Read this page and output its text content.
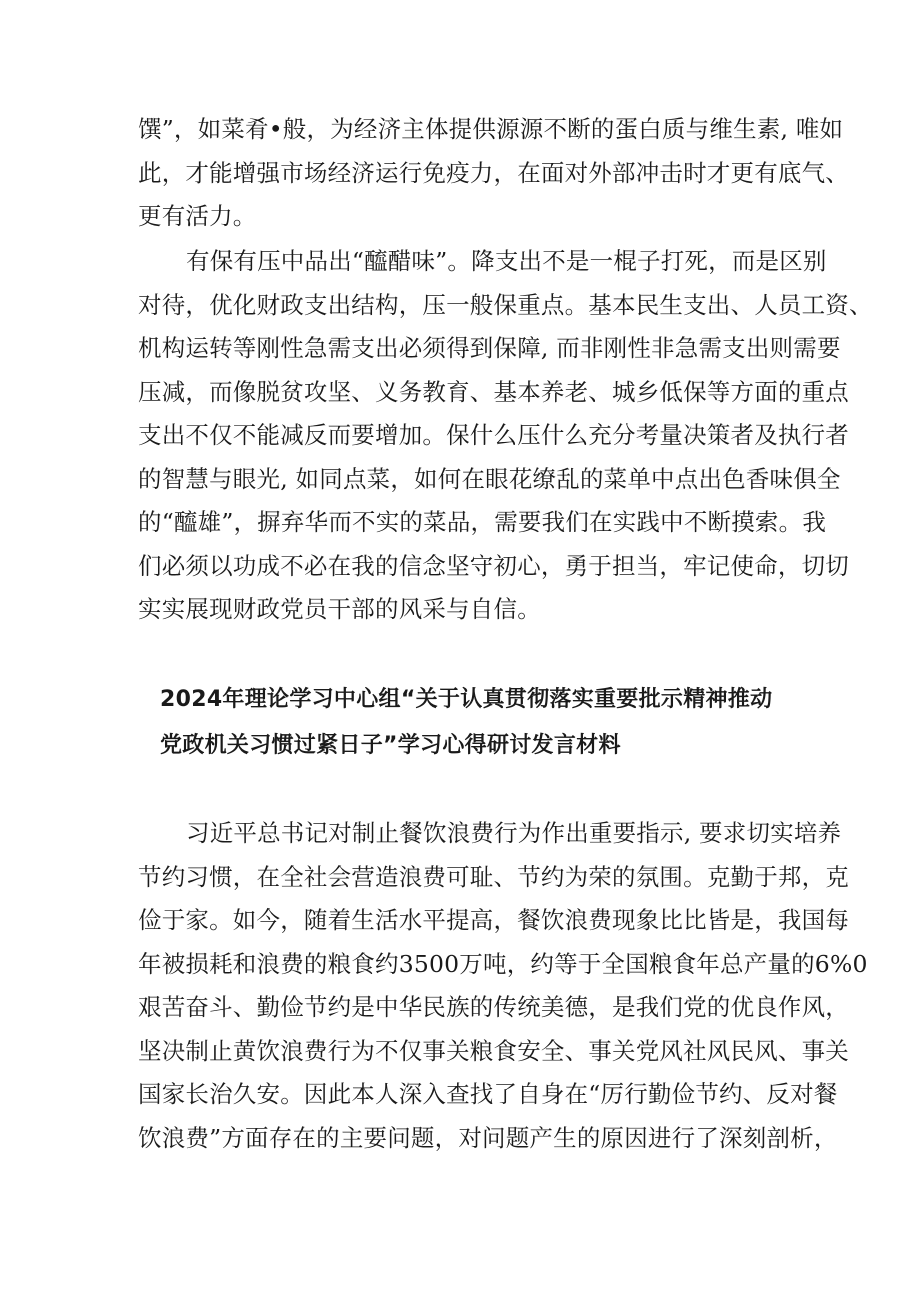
馔”，如菜肴•般，为经济主体提供源源不断的蛋白质与维生素, 唯如
此，才能增强市场经济运行免疫力，在面对外部冲击时才更有底气、
更有活力。
有保有压中品出“醯醋味”。降支出不是一棍子打死，而是区别
对待，优化财政支出结构，压一般保重点。基本民生支出、人员工资、
机构运转等刚性急需支出必须得到保障, 而非刚性非急需支出则需要
压减，而像脱贫攻坚、义务教育、基本养老、城乡低保等方面的重点
支出不仅不能减反而要增加。保什么压什么充分考量决策者及执行者
的智慧与眼光, 如同点菜，如何在眼花缭乱的菜单中点出色香味俱全
的“醯雄”，摒弃华而不实的菜品，需要我们在实践中不断摸索。我
们必须以功成不必在我的信念坚守初心，勇于担当，牢记使命，切切
实实展现财政党员干部的风采与自信。
2024年理论学习中心组“关于认真贯彻落实重要批示精神推动
党政机关习惯过紧日子”学习心得研讨发言材料
习近平总书记对制止餐饮浪费行为作出重要指示, 要求切实培养
节约习惯，在全社会营造浪费可耻、节约为荣的氛围。克勤于邦，克
俭于家。如今，随着生活水平提高，餐饮浪费现象比比皆是，我国每
年被损耗和浪费的粮食约3500万吨，约等于全国粮食年总产量的6%0
艰苦奋斗、勤俭节约是中华民族的传统美德，是我们党的优良作风，
坚决制止黄饮浪费行为不仅事关粮食安全、事关党风社风民风、事关
国家长治久安。因此本人深入查找了自身在“厉行勤俭节约、反对餐
饮浪费”方面存在的主要问题，对问题产生的原因进行了深刻剖析，
